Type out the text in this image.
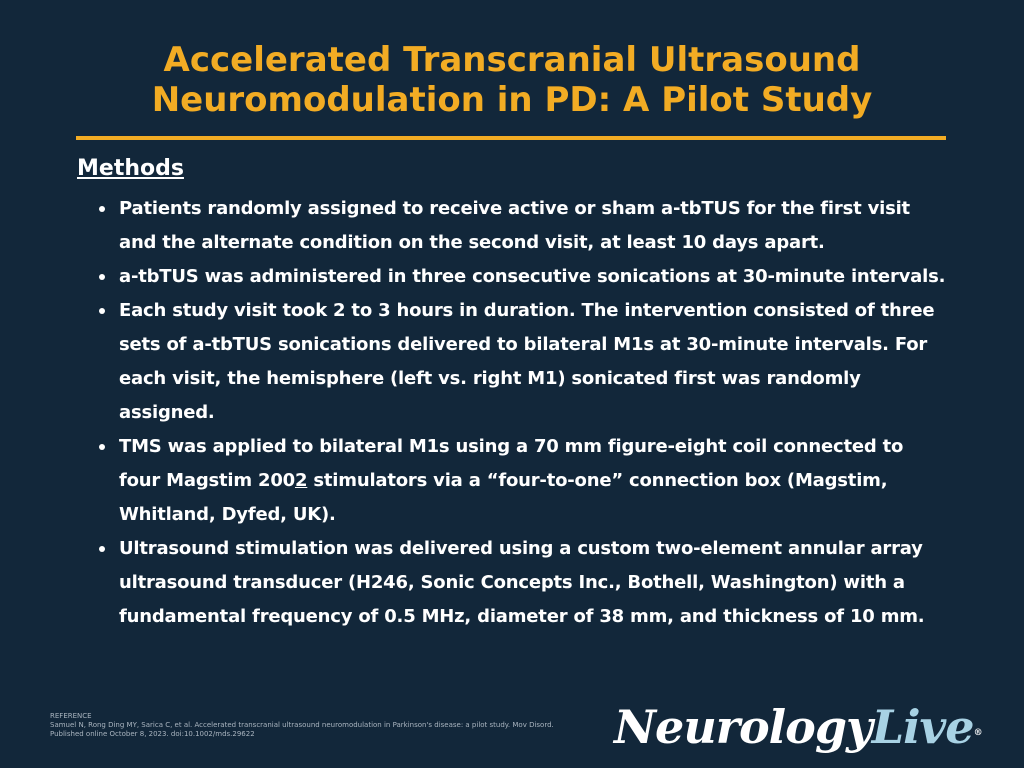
Accelerated Transcranial Ultrasound
Neuromodulation in PD: A Pilot Study
Methods
Patients randomly assigned to receive active or sham a-tbTUS for the first visit and the alternate condition on the second visit, at least 10 days apart.
a-tbTUS was administered in three consecutive sonications at 30-minute intervals.
Each study visit took 2 to 3 hours in duration. The intervention consisted of three sets of a-tbTUS sonications delivered to bilateral M1s at 30-minute intervals. For each visit, the hemisphere (left vs. right M1) sonicated first was randomly assigned.
TMS was applied to bilateral M1s using a 70 mm figure-eight coil connected to four Magstim 2002 stimulators via a “four-to-one” connection box (Magstim, Whitland, Dyfed, UK).
Ultrasound stimulation was delivered using a custom two-element annular array ultrasound transducer (H246, Sonic Concepts Inc., Bothell, Washington) with a fundamental frequency of 0.5 MHz, diameter of 38 mm, and thickness of 10 mm.
REFERENCE
Samuel N, Rong Ding MY, Sarica C, et al. Accelerated transcranial ultrasound neuromodulation in Parkinson's disease: a pilot study. Mov Disord.
Published online October 8, 2023. doi:10.1002/mds.29622	NeurologyLive®
